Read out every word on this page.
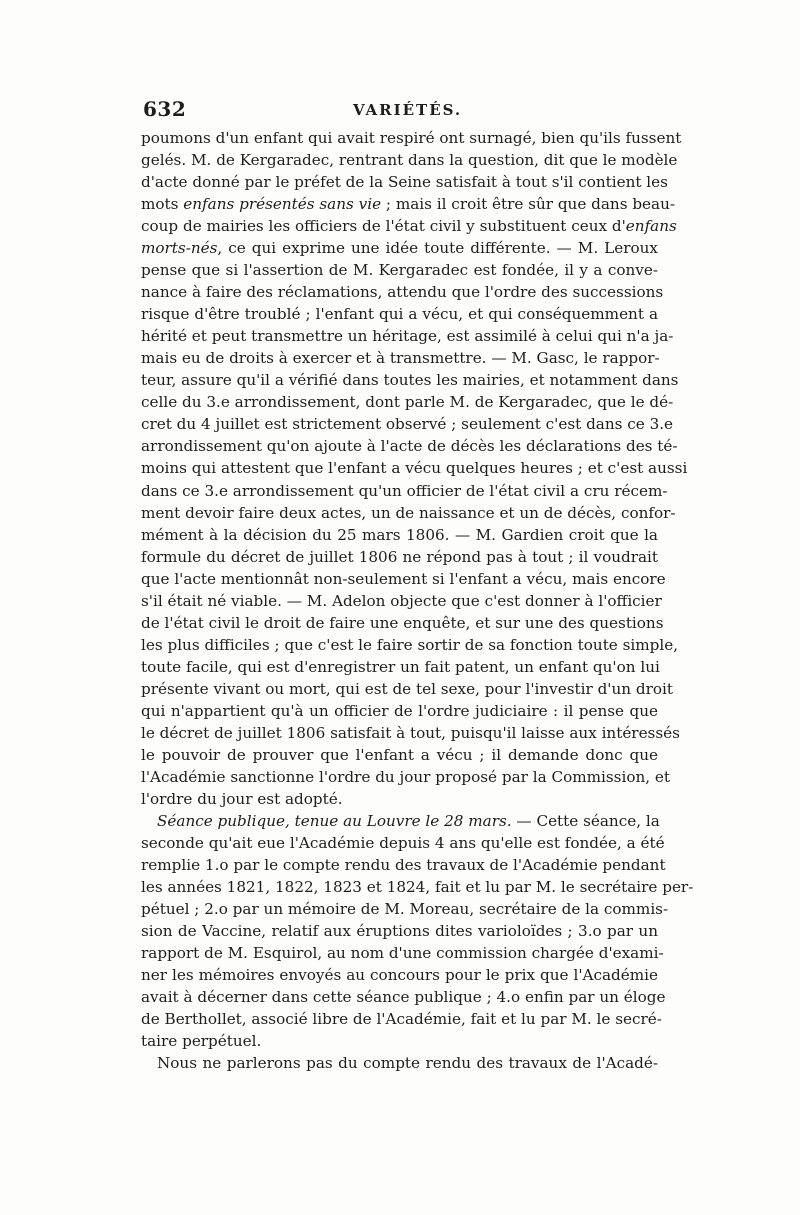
632	VARIÉTÉS.
poumons d'un enfant qui avait respiré ont surnagé, bien qu'ils fussent
gelés. M. de Kergaradec, rentrant dans la question, dit que le modèle
d'acte donné par le préfet de la Seine satisfait à tout s'il contient les
mots enfans présentés sans vie ; mais il croit être sûr que dans beau-
coup de mairies les officiers de l'état civil y substituent ceux d'enfans
morts-nés, ce qui exprime une idée toute différente. — M. Leroux
pense que si l'assertion de M. Kergaradec est fondée, il y a conve-
nance à faire des réclamations, attendu que l'ordre des successions
risque d'être troublé ; l'enfant qui a vécu, et qui conséquemment a
hérité et peut transmettre un héritage, est assimilé à celui qui n'a ja-
mais eu de droits à exercer et à transmettre. — M. Gasc, le rappor-
teur, assure qu'il a vérifié dans toutes les mairies, et notamment dans
celle du 3.e arrondissement, dont parle M. de Kergaradec, que le dé-
cret du 4 juillet est strictement observé ; seulement c'est dans ce 3.e
arrondissement qu'on ajoute à l'acte de décès les déclarations des té-
moins qui attestent que l'enfant a vécu quelques heures ; et c'est aussi
dans ce 3.e arrondissement qu'un officier de l'état civil a cru récem-
ment devoir faire deux actes, un de naissance et un de décès, confor-
mément à la décision du 25 mars 1806. — M. Gardien croit que la
formule du décret de juillet 1806 ne répond pas à tout ; il voudrait
que l'acte mentionnât non-seulement si l'enfant a vécu, mais encore
s'il était né viable. — M. Adelon objecte que c'est donner à l'officier
de l'état civil le droit de faire une enquête, et sur une des questions
les plus difficiles ; que c'est le faire sortir de sa fonction toute simple,
toute facile, qui est d'enregistrer un fait patent, un enfant qu'on lui
présente vivant ou mort, qui est de tel sexe, pour l'investir d'un droit
qui n'appartient qu'à un officier de l'ordre judiciaire : il pense que
le décret de juillet 1806 satisfait à tout, puisqu'il laisse aux intéressés
le pouvoir de prouver que l'enfant a vécu ; il demande donc que
l'Académie sanctionne l'ordre du jour proposé par la Commission, et
l'ordre du jour est adopté.
Séance publique, tenue au Louvre le 28 mars. — Cette séance, la
seconde qu'ait eue l'Académie depuis 4 ans qu'elle est fondée, a été
remplie 1.o par le compte rendu des travaux de l'Académie pendant
les années 1821, 1822, 1823 et 1824, fait et lu par M. le secrétaire per-
pétuel ; 2.o par un mémoire de M. Moreau, secrétaire de la commis-
sion de Vaccine, relatif aux éruptions dites varioloïdes ; 3.o par un
rapport de M. Esquirol, au nom d'une commission chargée d'exami-
ner les mémoires envoyés au concours pour le prix que l'Académie
avait à décerner dans cette séance publique ; 4.o enfin par un éloge
de Berthollet, associé libre de l'Académie, fait et lu par M. le secré-
taire perpétuel.
Nous ne parlerons pas du compte rendu des travaux de l'Acadé-
